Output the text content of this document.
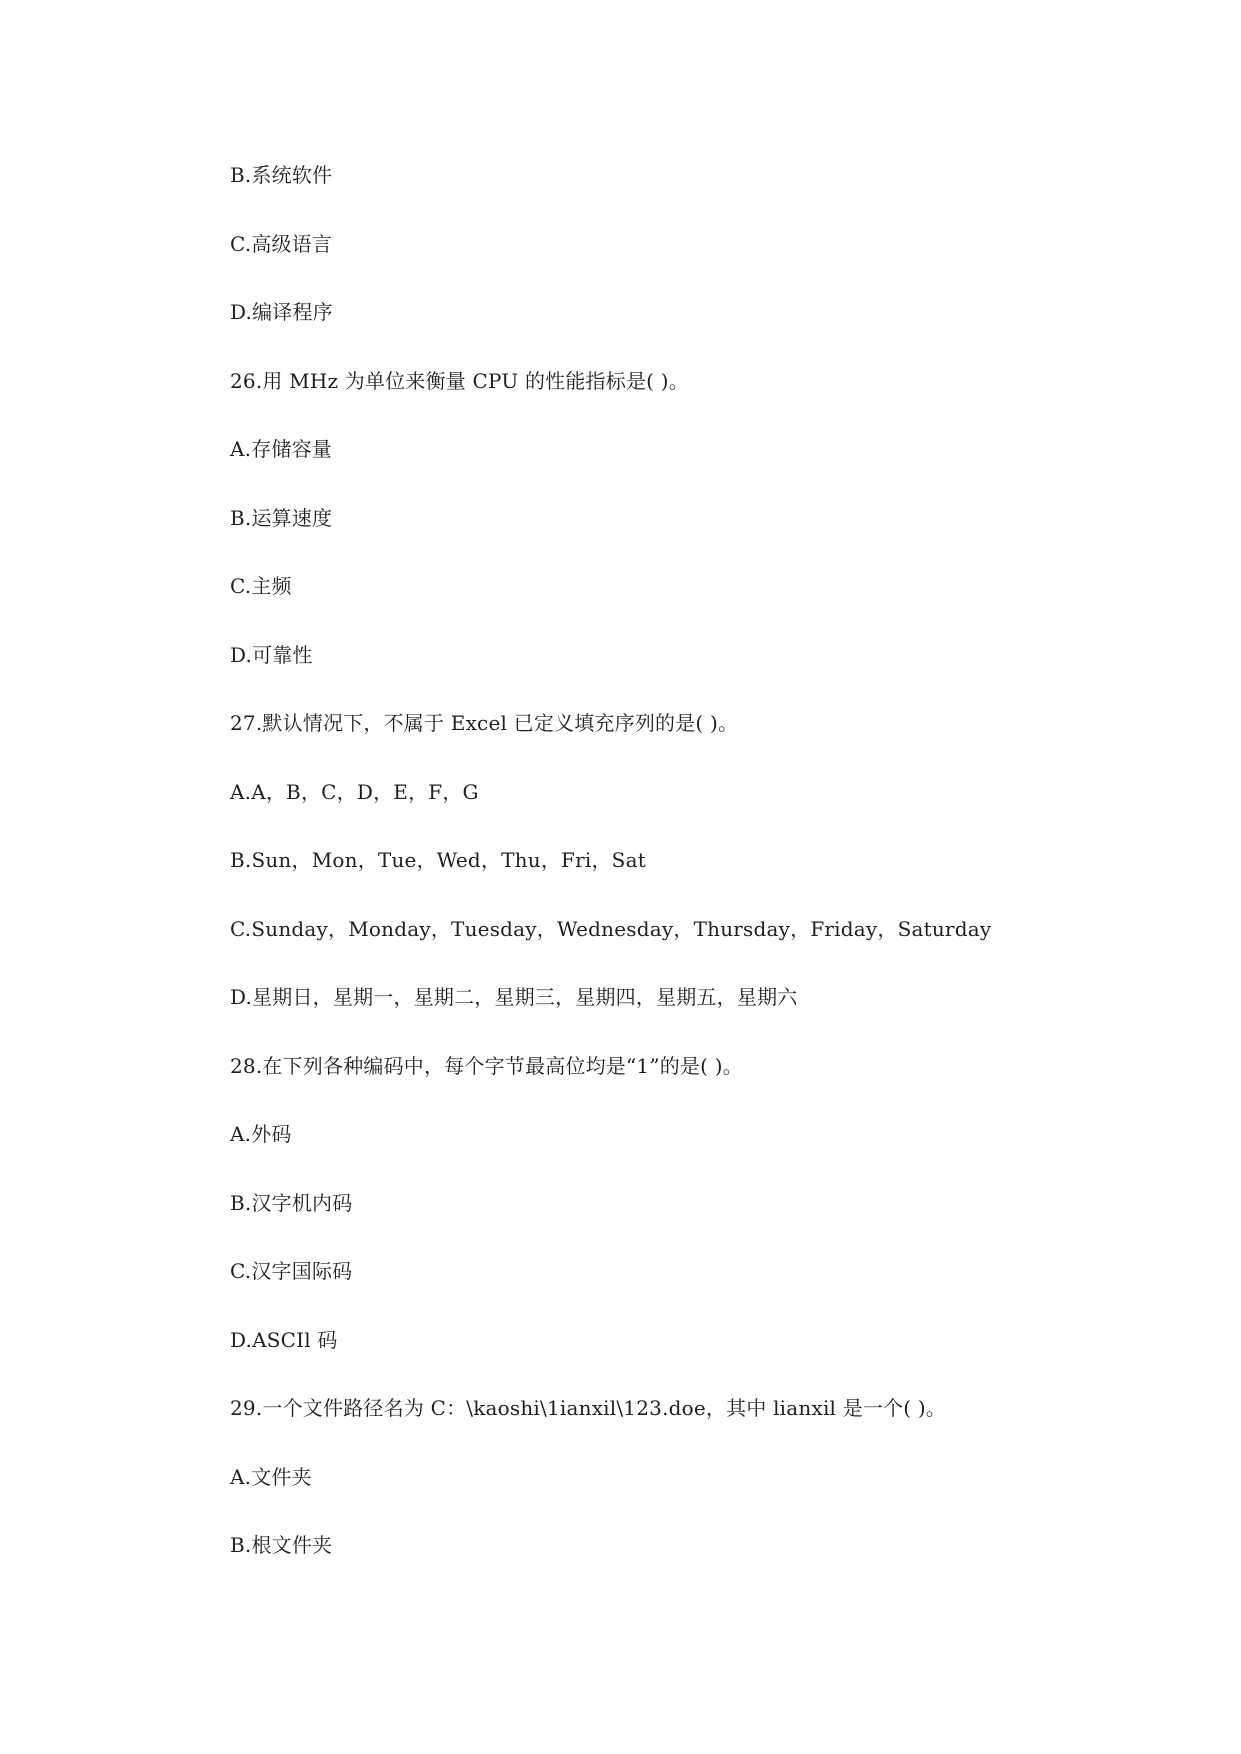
B.系统软件
C.高级语言
D.编译程序
26.用 MHz 为单位来衡量 CPU 的性能指标是( )。
A.存储容量
B.运算速度
C.主频
D.可靠性
27.默认情况下，不属于 Excel 已定义填充序列的是( )。
A.A，B，C，D，E，F，G
B.Sun，Mon，Tue，Wed，Thu，Fri，Sat
C.Sunday，Monday，Tuesday，Wednesday，Thursday，Friday，Saturday
D.星期日，星期一，星期二，星期三，星期四，星期五，星期六
28.在下列各种编码中，每个字节最高位均是“1”的是( )。
A.外码
B.汉字机内码
C.汉字国际码
D.ASCIl 码
29.一个文件路径名为 C：\kaoshi\1ianxil\123.doe，其中 lianxil 是一个( )。
A.文件夹
B.根文件夹
